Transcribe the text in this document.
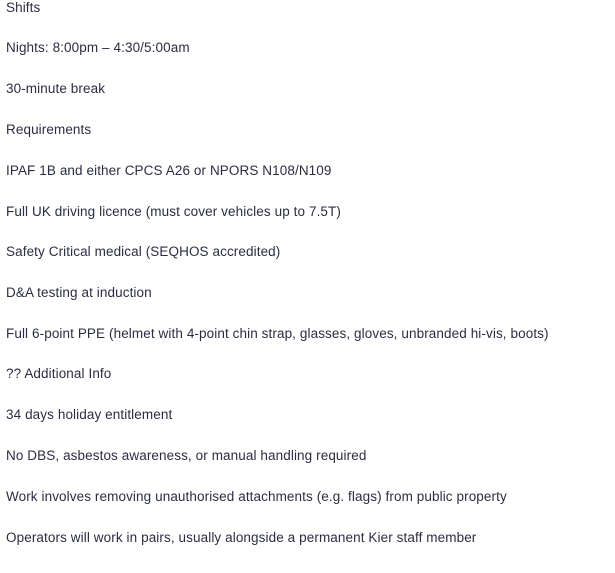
Shifts

Nights: 8:00pm – 4:30/5:00am

30-minute break

Requirements

IPAF 1B and either CPCS A26 or NPORS N108/N109

Full UK driving licence (must cover vehicles up to 7.5T)

Safety Critical medical (SEQHOS accredited)

D&A testing at induction

Full 6-point PPE (helmet with 4-point chin strap, glasses, gloves, unbranded hi-vis, boots)

?? Additional Info

34 days holiday entitlement

No DBS, asbestos awareness, or manual handling required

Work involves removing unauthorised attachments (e.g. flags) from public property

Operators will work in pairs, usually alongside a permanent Kier staff member
